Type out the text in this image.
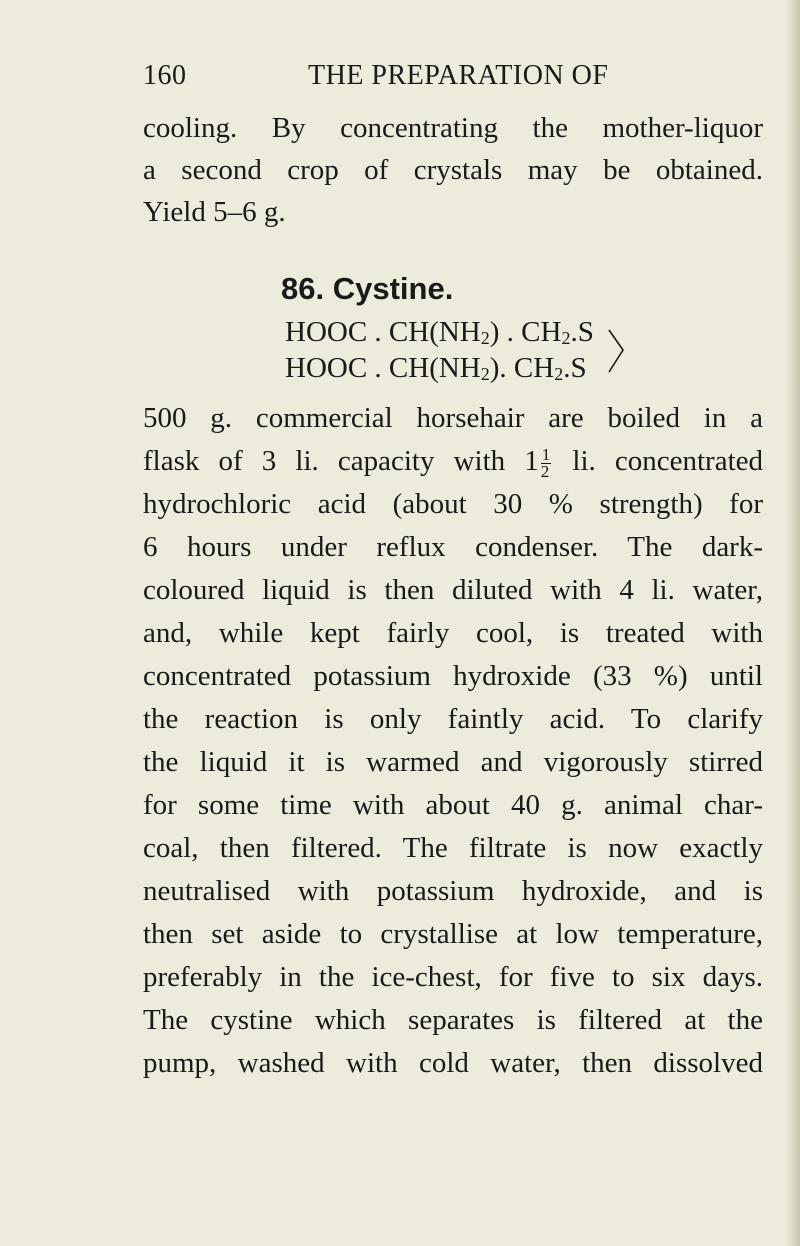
160	THE PREPARATION OF
cooling. By concentrating the mother-liquor
a second crop of crystals may be obtained.
Yield 5–6 g.
86. Cystine.
HOOC . $CH(NH_2)$ . $CH_2.S$
HOOC . $CH(NH_2)$. $CH_2.S$
500 g. commercial horsehair are boiled in a
flask of 3 li. capacity with $1 \frac{1}{2}$ li. concentrated
hydrochloric acid (about 30 % strength) for
6 hours under reflux condenser. The dark-
coloured liquid is then diluted with 4 li. water,
and, while kept fairly cool, is treated with
concentrated potassium hydroxide (33 %) until
the reaction is only faintly acid. To clarify
the liquid it is warmed and vigorously stirred
for some time with about 40 g. animal char-
coal, then filtered. The filtrate is now exactly
neutralised with potassium hydroxide, and is
then set aside to crystallise at low temperature,
preferably in the ice-chest, for five to six days.
The cystine which separates is filtered at the
pump, washed with cold water, then dissolved
